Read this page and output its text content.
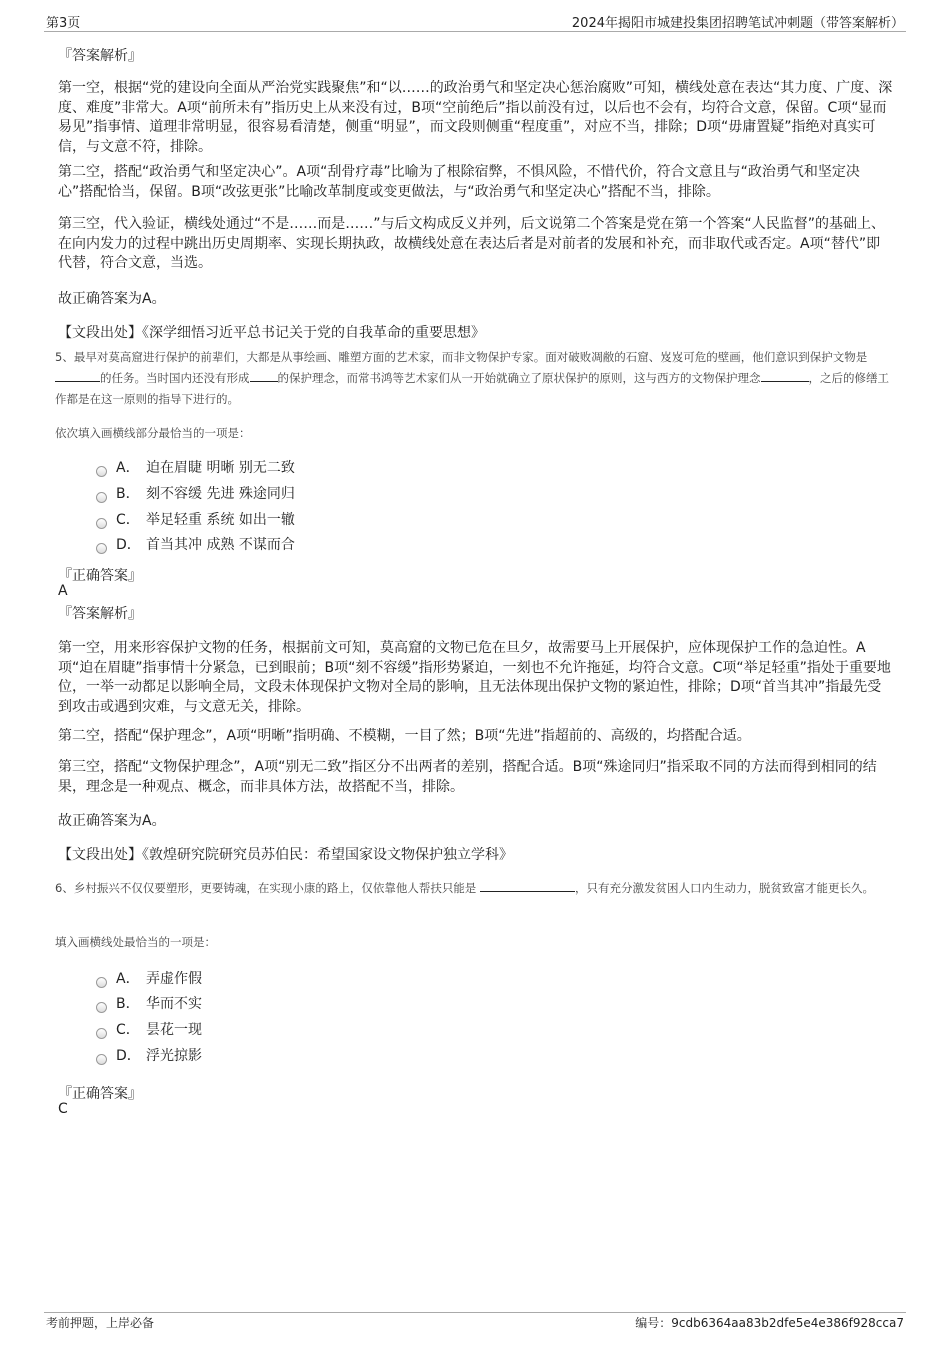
第3页	2024年揭阳市城建投集团招聘笔试冲刺题（带答案解析）
『答案解析』
第一空，根据“党的建设向全面从严治党实践聚焦”和“以……的政治勇气和坚定决心惩治腐败”可知，横线处意在表达“其力度、广度、深度、难度”非常大。A项“前所未有”指历史上从来没有过，B项“空前绝后”指以前没有过，以后也不会有，均符合文意，保留。C项“显而易见”指事情、道理非常明显，很容易看清楚，侧重“明显”，而文段则侧重“程度重”，对应不当，排除；D项“毋庸置疑”指绝对真实可信，与文意不符，排除。
第二空，搭配“政治勇气和坚定决心”。A项“刮骨疗毒”比喻为了根除宿弊，不惧风险，不惜代价，符合文意且与“政治勇气和坚定决心”搭配恰当，保留。B项“改弦更张”比喻改革制度或变更做法，与“政治勇气和坚定决心”搭配不当，排除。
第三空，代入验证，横线处通过“不是……而是……”与后文构成反义并列，后文说第二个答案是党在第一个答案“人民监督”的基础上、在向内发力的过程中跳出历史周期率、实现长期执政，故横线处意在表达后者是对前者的发展和补充，而非取代或否定。A项“替代”即代替，符合文意，当选。
故正确答案为A。
【文段出处】《深学细悟习近平总书记关于党的自我革命的重要思想》
5、最早对莫高窟进行保护的前辈们，大都是从事绘画、雕塑方面的艺术家，而非文物保护专家。面对破败凋敝的石窟、岌岌可危的壁画，他们意识到保护文物是的任务。当时国内还没有形成 的保护理念，而常书鸿等艺术家们从一开始就确立了原状保护的原则，这与西方的文物保护理念	，之后的修缮工作都是在这一原则的指导下进行的。
依次填入画横线部分最恰当的一项是：
A． 迫在眉睫 明晰 别无二致
B． 刻不容缓 先进 殊途同归
C． 举足轻重 系统 如出一辙
D． 首当其冲 成熟 不谋而合
『正确答案』
A
『答案解析』
第一空，用来形容保护文物的任务，根据前文可知，莫高窟的文物已危在旦夕，故需要马上开展保护，应体现保护工作的急迫性。A项“迫在眉睫”指事情十分紧急，已到眼前；B项“刻不容缓”指形势紧迫，一刻也不允许拖延，均符合文意。C项“举足轻重”指处于重要地位，一举一动都足以影响全局，文段未体现保护文物对全局的影响，且无法体现出保护文物的紧迫性，排除；D项“首当其冲”指最先受到攻击或遇到灾难，与文意无关，排除。
第二空，搭配“保护理念”，A项“明晰”指明确、不模糊，一目了然；B项“先进”指超前的、高级的，均搭配合适。
第三空，搭配“文物保护理念”，A项“别无二致”指区分不出两者的差别，搭配合适。B项“殊途同归”指采取不同的方法而得到相同的结果，理念是一种观点、概念，而非具体方法，故搭配不当，排除。
故正确答案为A。
【文段出处】《敦煌研究院研究员苏伯民：希望国家设文物保护独立学科》
6、乡村振兴不仅仅要塑形，更要铸魂，在实现小康的路上，仅依靠他人帮扶只能是	，只有充分激发贫困人口内生动力，脱贫致富才能更长久。
填入画横线处最恰当的一项是：
A． 弄虚作假
B． 华而不实
C． 昙花一现
D． 浮光掠影
『正确答案』
C
考前押题，上岸必备	编号：9cdb6364aa83b2dfe5e4e386f928cca7
